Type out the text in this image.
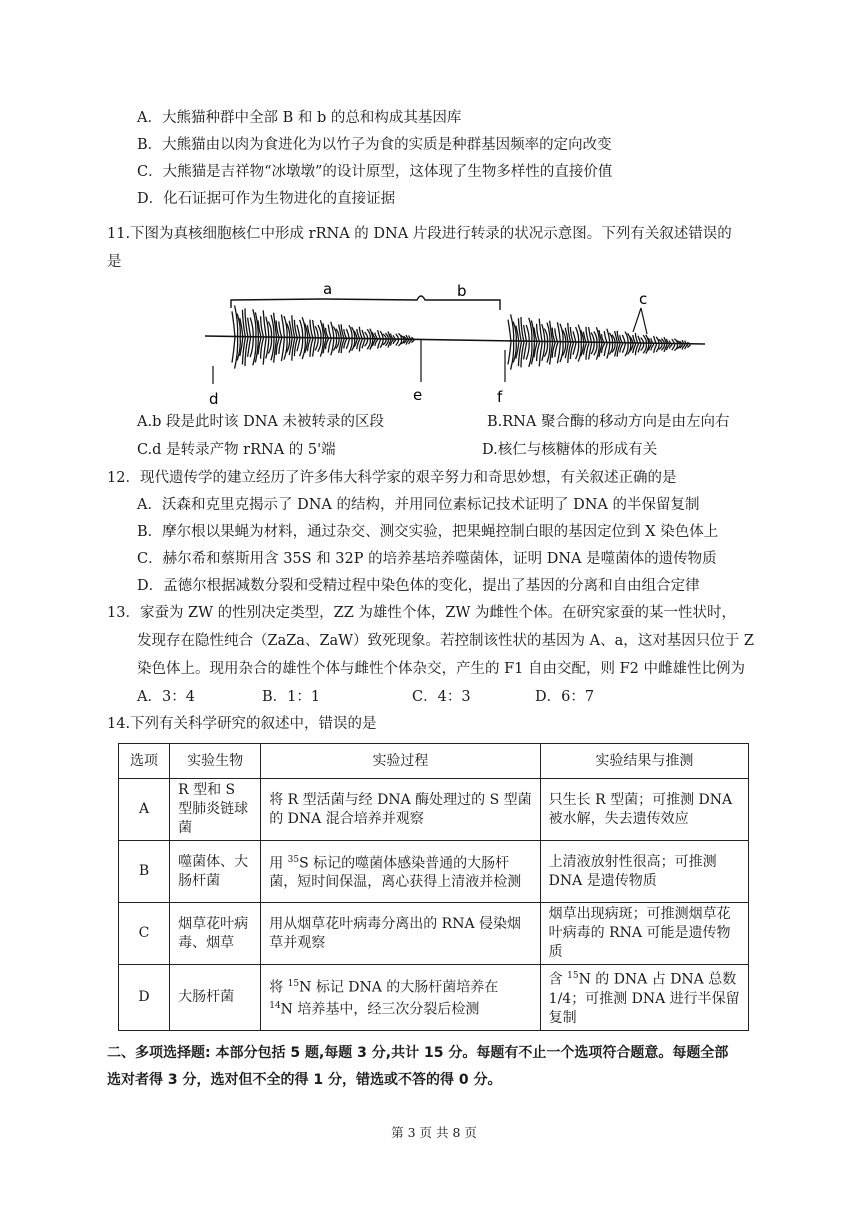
A．大熊猫种群中全部 B 和 b 的总和构成其基因库
B．大熊猫由以肉为食进化为以竹子为食的实质是种群基因频率的定向改变
C．大熊猫是吉祥物“冰墩墩”的设计原型，这体现了生物多样性的直接价值
D．化石证据可作为生物进化的直接证据
11.下图为真核细胞核仁中形成 rRNA 的 DNA 片段进行转录的状况示意图。下列有关叙述错误的
是
a	b	c
d	e	f
A.b 段是此时该 DNA 未被转录的区段	B.RNA 聚合酶的移动方向是由左向右
C.d 是转录产物 rRNA 的 5'端	D.核仁与核糖体的形成有关
12．现代遗传学的建立经历了许多伟大科学家的艰辛努力和奇思妙想，有关叙述正确的是
A．沃森和克里克揭示了 DNA 的结构，并用同位素标记技术证明了 DNA 的半保留复制
B．摩尔根以果蝇为材料，通过杂交、测交实验，把果蝇控制白眼的基因定位到 X 染色体上
C．赫尔希和蔡斯用含 35S 和 32P 的培养基培养噬菌体，证明 DNA 是噬菌体的遗传物质
D．孟德尔根据减数分裂和受精过程中染色体的变化，提出了基因的分离和自由组合定律
13．家蚕为 ZW 的性别决定类型，ZZ 为雄性个体，ZW 为雌性个体。在研究家蚕的某一性状时，
发现存在隐性纯合（ZaZa、ZaW）致死现象。若控制该性状的基因为 A、a，这对基因只位于 Z
染色体上。现用杂合的雄性个体与雌性个体杂交，产生的 F1 自由交配，则 F2 中雌雄性比例为
A．3：4	B．1：1	C．4：3	D．6：7
14.下列有关科学研究的叙述中，错误的是
选项	实验生物	实验过程	实验结果与推测
A	R 型和 S 型肺炎链球菌	将 R 型活菌与经 DNA 酶处理过的 S 型菌的 DNA 混合培养并观察	只生长 R 型菌；可推测 DNA 被水解，失去遗传效应
B	噬菌体、大肠杆菌	用 $^{35}$S 标记的噬菌体感染普通的大肠杆菌，短时间保温，离心获得上清液并检测	上清液放射性很高；可推测 DNA 是遗传物质
C	烟草花叶病毒、烟草	用从烟草花叶病毒分离出的 RNA 侵染烟草并观察	烟草出现病斑；可推测烟草花叶病毒的 RNA 可能是遗传物质
D	大肠杆菌	将 $^{15}$N 标记 DNA 的大肠杆菌培养在
$^{14}$N 培养基中，经三次分裂后检测	含 $^{15}$N 的 DNA 占 DNA 总数 1/4；可推测 DNA 进行半保留复制
二、多项选择题: 本部分包括 5 题,每题 3 分,共计 15 分。每题有不止一个选项符合题意。每题全部
选对者得 3 分，选对但不全的得 1 分，错选或不答的得 0 分。
第 3 页 共 8 页
